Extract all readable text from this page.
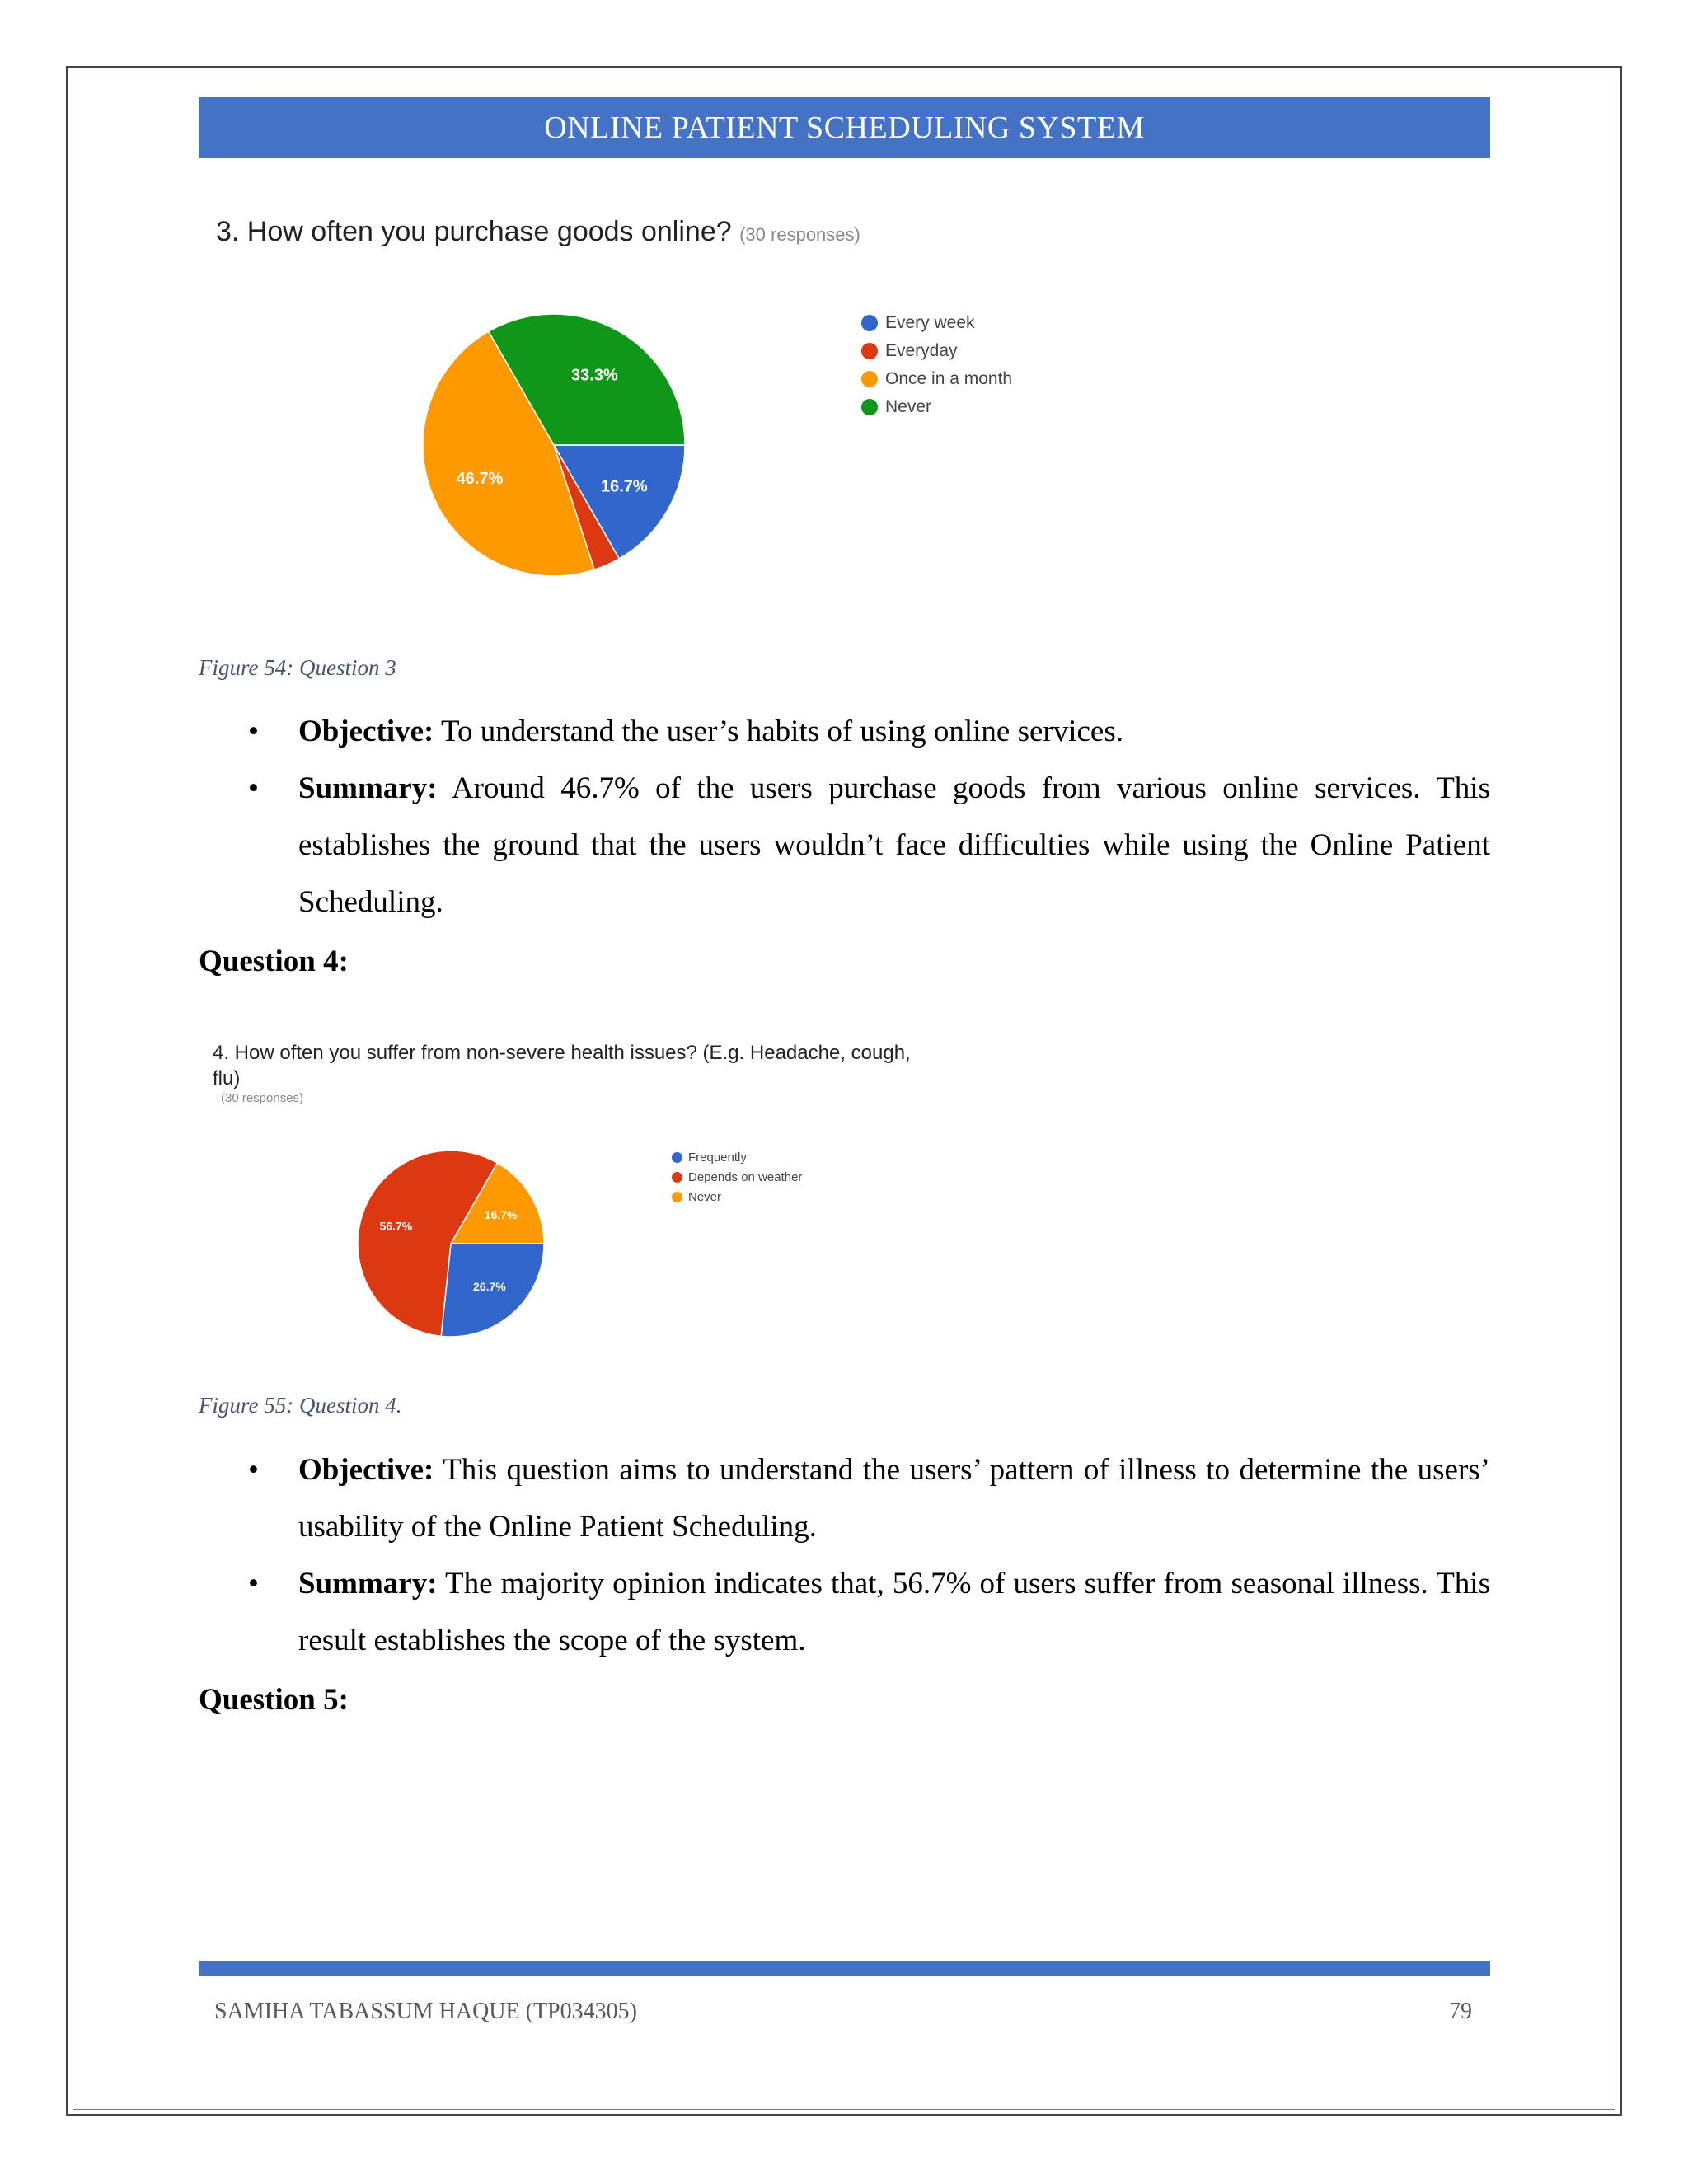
ONLINE PATIENT SCHEDULING SYSTEM
3. How often you purchase goods online? (30 responses)
16.7%
46.7%
33.3%
Every week
Everyday
Once in a month
Never
Figure 54: Question 3
•	Objective: To understand the user’s habits of using online services.
•	Summary: Around 46.7% of the users purchase goods from various online services. This establishes the ground that the users wouldn’t face difficulties while using the Online Patient Scheduling.
Question 4:
4. How often you suffer from non-severe health issues? (E.g. Headache, cough, flu)
(30 responses)
26.7%
56.7%
16.7%
Frequently
Depends on weather
Never
Figure 55: Question 4.
•	Objective: This question aims to understand the users’ pattern of illness to determine the users’ usability of the Online Patient Scheduling.
•	Summary: The majority opinion indicates that, 56.7% of users suffer from seasonal illness. This result establishes the scope of the system.
Question 5:
SAMIHA TABASSUM HAQUE (TP034305)	79
